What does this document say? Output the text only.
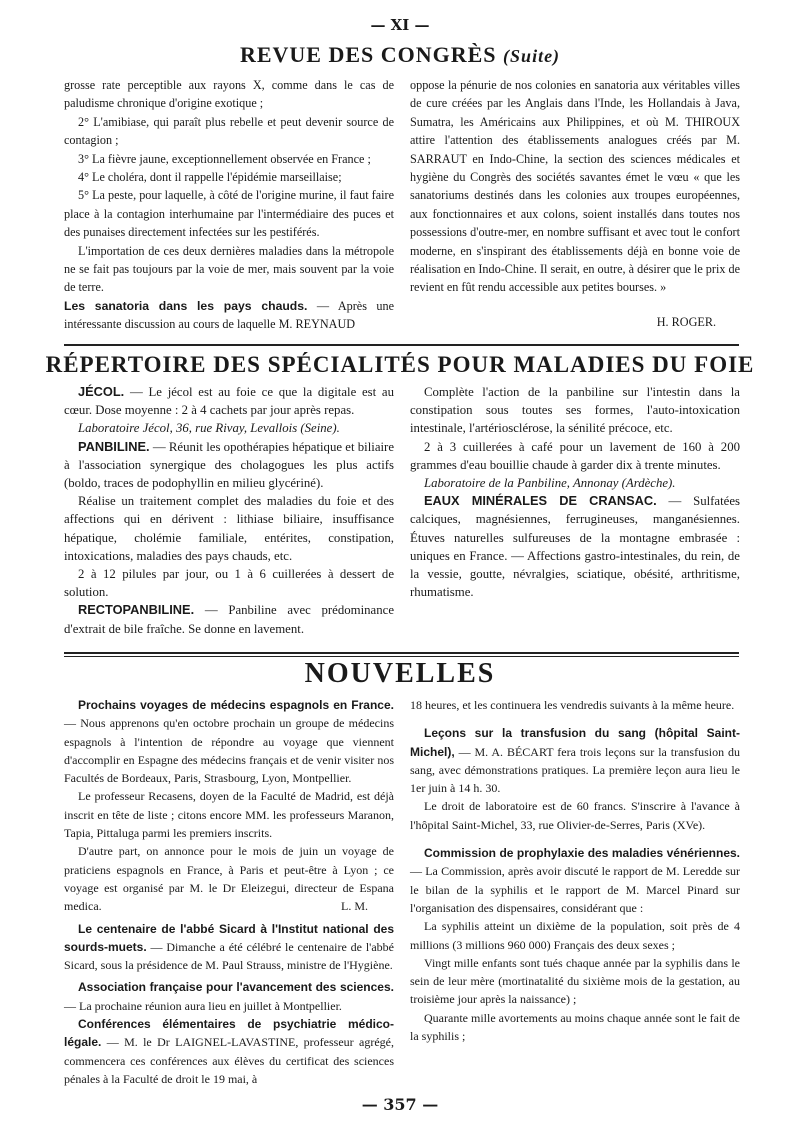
— XI —
REVUE DES CONGRÈS (Suite)

grosse rate perceptible aux rayons X, comme dans le cas de paludisme chronique d'origine exotique ;

2° L'amibiase, qui paraît plus rebelle et peut devenir source de contagion ;

3° La fièvre jaune, exceptionnellement observée en France ;

4° Le choléra, dont il rappelle l'épidémie marseillaise;

5° La peste, pour laquelle, à côté de l'origine murine, il faut faire place à la contagion interhumaine par l'intermédiaire des puces et des punaises directement infectées sur les pestiférés.

L'importation de ces deux dernières maladies dans la métropole ne se fait pas toujours par la voie de mer, mais souvent par la voie de terre.

Les sanatoria dans les pays chauds. — Après une intéressante discussion au cours de laquelle M. REYNAUD

oppose la pénurie de nos colonies en sanatoria aux véritables villes de cure créées par les Anglais dans l'Inde, les Hollandais à Java, Sumatra, les Américains aux Philippines, et où M. THIROUX attire l'attention des établissements analogues créés par M. SARRAUT en Indo-Chine, la section des sciences médicales et hygiène du Congrès des sociétés savantes émet le vœu « que les sanatoriums destinés dans les colonies aux troupes européennes, aux fonctionnaires et aux colons, soient installés dans toutes nos possessions d'outre-mer, en nombre suffisant et avec tout le confort moderne, en s'inspirant des établissements déjà en bonne voie de réalisation en Indo-Chine. Il serait, en outre, à désirer que le prix de revient en fût rendu accessible aux petites bourses. »

H. ROGER.

RÉPERTOIRE DES SPÉCIALITÉS POUR MALADIES DU FOIE

JÉCOL. — Le jécol est au foie ce que la digitale est au cœur. Dose moyenne : 2 à 4 cachets par jour après repas.

Laboratoire Jécol, 36, rue Rivay, Levallois (Seine).

PANBILINE. — Réunit les opothérapies hépatique et biliaire à l'association synergique des cholagogues les plus actifs (boldo, traces de podophyllin en milieu glycériné).

Réalise un traitement complet des maladies du foie et des affections qui en dérivent : lithiase biliaire, insuffisance hépatique, cholémie familiale, entérites, constipation, intoxications, maladies des pays chauds, etc.

2 à 12 pilules par jour, ou 1 à 6 cuillerées à dessert de solution.

RECTOPANBILINE. — Panbiline avec prédominance d'extrait de bile fraîche. Se donne en lavement.

Complète l'action de la panbiline sur l'intestin dans la constipation sous toutes ses formes, l'auto-intoxication intestinale, l'artériosclérose, la sénilité précoce, etc.

2 à 3 cuillerées à café pour un lavement de 160 à 200 grammes d'eau bouillie chaude à garder dix à trente minutes.

Laboratoire de la Panbiline, Annonay (Ardèche).

EAUX MINÉRALES DE CRANSAC. — Sulfatées calciques, magnésiennes, ferrugineuses, manganésiennes. Étuves naturelles sulfureuses de la montagne embrasée : uniques en France. — Affections gastro-intestinales, du rein, de la vessie, goutte, névralgies, sciatique, obésité, arthritisme, rhumatisme.

NOUVELLES

Prochains voyages de médecins espagnols en France. — Nous apprenons qu'en octobre prochain un groupe de médecins espagnols à l'intention de répondre au voyage que viennent d'accomplir en Espagne des médecins français et de venir visiter nos Facultés de Bordeaux, Paris, Strasbourg, Lyon, Montpellier.

Le professeur Recasens, doyen de la Faculté de Madrid, est déjà inscrit en tête de liste ; citons encore MM. les professeurs Maranon, Tapia, Pittaluga parmi les premiers inscrits.

D'autre part, on annonce pour le mois de juin un voyage de praticiens espagnols en France, à Paris et peut-être à Lyon ; ce voyage est organisé par M. le Dr Eleizegui, directeur de Espana medica.	L. M.

Le centenaire de l'abbé Sicard à l'Institut national des sourds-muets. — Dimanche a été célébré le centenaire de l'abbé Sicard, sous la présidence de M. Paul Strauss, ministre de l'Hygiène.

Association française pour l'avancement des sciences. — La prochaine réunion aura lieu en juillet à Montpellier.

Conférences élémentaires de psychiatrie médico-légale. — M. le Dr LAIGNEL-LAVASTINE, professeur agrégé, commencera ces conférences aux élèves du certificat des sciences pénales à la Faculté de droit le 19 mai, à

18 heures, et les continuera les vendredis suivants à la même heure.

Leçons sur la transfusion du sang (hôpital Saint-Michel), — M. A. BÉCART fera trois leçons sur la transfusion du sang, avec démonstrations pratiques. La première leçon aura lieu le 1er juin à 14 h. 30.

Le droit de laboratoire est de 60 francs. S'inscrire à l'avance à l'hôpital Saint-Michel, 33, rue Olivier-de-Serres, Paris (XVe).

Commission de prophylaxie des maladies vénériennes. — La Commission, après avoir discuté le rapport de M. Leredde sur le bilan de la syphilis et le rapport de M. Marcel Pinard sur l'organisation des dispensaires, considérant que :

La syphilis atteint un dixième de la population, soit près de 4 millions (3 millions 960 000) Français des deux sexes ;

Vingt mille enfants sont tués chaque année par la syphilis dans le sein de leur mère (mortinatalité du sixième mois de la gestation, au troisième jour après la naissance) ;

Quarante mille avortements au moins chaque année sont le fait de la syphilis ;

— 357 —
